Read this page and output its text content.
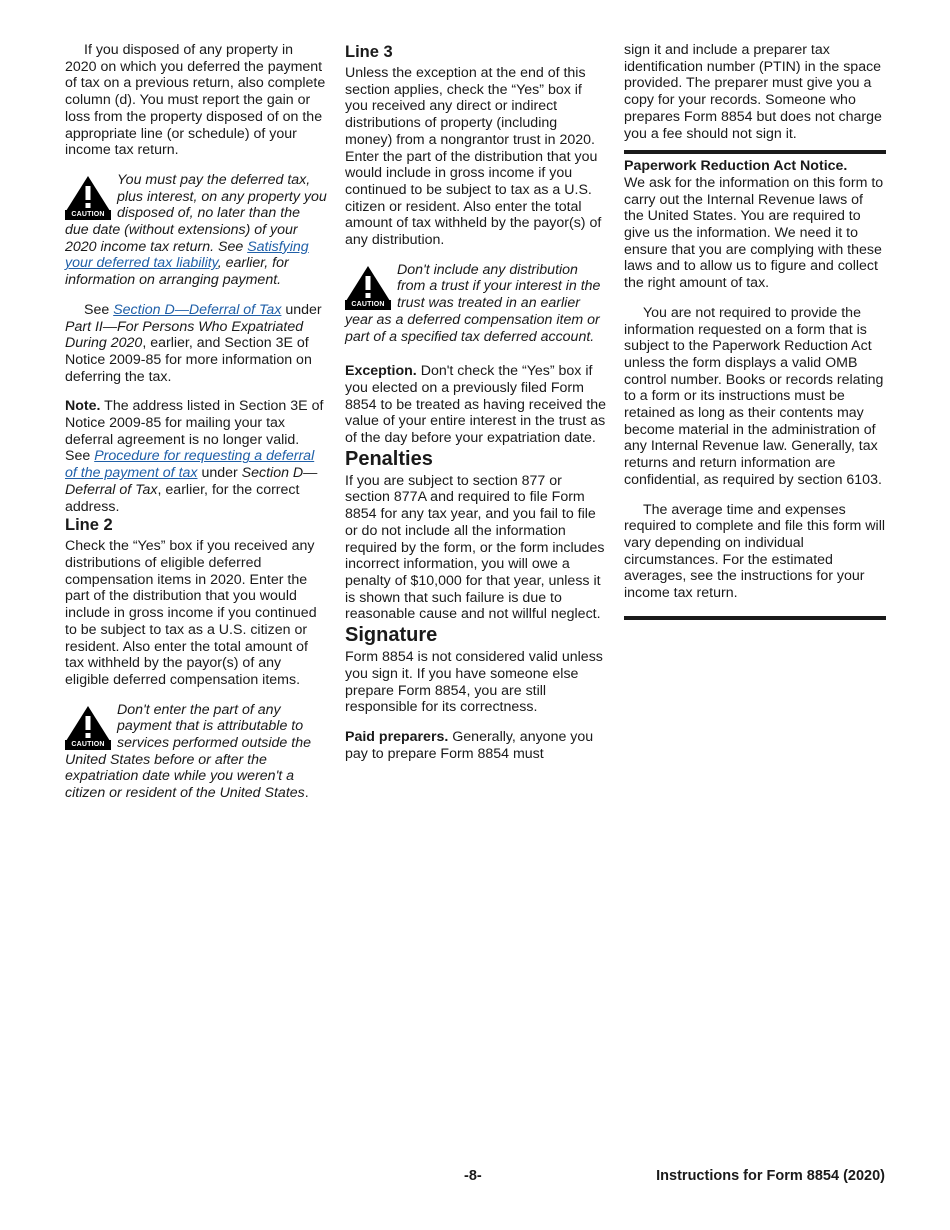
If you disposed of any property in 2020 on which you deferred the payment of tax on a previous return, also complete column (d). You must report the gain or loss from the property disposed of on the appropriate line (or schedule) of your income tax return.

CAUTION

You must pay the deferred tax, plus interest, on any property you disposed of, no later than the due date (without extensions) of your 2020 income tax return. See Satisfying your deferred tax liability, earlier, for information on arranging payment.

See Section D—Deferral of Tax under Part II—For Persons Who Expatriated During 2020, earlier, and Section 3E of Notice 2009-85 for more information on deferring the tax.

Note. The address listed in Section 3E of Notice 2009-85 for mailing your tax deferral agreement is no longer valid. See Procedure for requesting a deferral of the payment of tax under Section D—Deferral of Tax, earlier, for the correct address.

Line 2

Check the “Yes” box if you received any distributions of eligible deferred compensation items in 2020. Enter the part of the distribution that you would include in gross income if you continued to be subject to tax as a U.S. citizen or resident. Also enter the total amount of tax withheld by the payor(s) of any eligible deferred compensation items.

CAUTION

Don't enter the part of any payment that is attributable to services performed outside the United States before or after the expatriation date while you weren't a citizen or resident of the United States.

Line 3

Unless the exception at the end of this section applies, check the “Yes” box if you received any direct or indirect distributions of property (including money) from a nongrantor trust in 2020. Enter the part of the distribution that you would include in gross income if you continued to be subject to tax as a U.S. citizen or resident. Also enter the total amount of tax withheld by the payor(s) of any distribution.

CAUTION

Don't include any distribution from a trust if your interest in the trust was treated in an earlier year as a deferred compensation item or part of a specified tax deferred account.

Exception. Don't check the “Yes” box if you elected on a previously filed Form 8854 to be treated as having received the value of your entire interest in the trust as of the day before your expatriation date.

Penalties

If you are subject to section 877 or section 877A and required to file Form 8854 for any tax year, and you fail to file or do not include all the information required by the form, or the form includes incorrect information, you will owe a penalty of $10,000 for that year, unless it is shown that such failure is due to reasonable cause and not willful neglect.

Signature

Form 8854 is not considered valid unless you sign it. If you have someone else prepare Form 8854, you are still responsible for its correctness.

Paid preparers. Generally, anyone you pay to prepare Form 8854 must

sign it and include a preparer tax identification number (PTIN) in the space provided. The preparer must give you a copy for your records. Someone who prepares Form 8854 but does not charge you a fee should not sign it.

Paperwork Reduction Act Notice.

We ask for the information on this form to carry out the Internal Revenue laws of the United States. You are required to give us the information. We need it to ensure that you are complying with these laws and to allow us to figure and collect the right amount of tax.

You are not required to provide the information requested on a form that is subject to the Paperwork Reduction Act unless the form displays a valid OMB control number. Books or records relating to a form or its instructions must be retained as long as their contents may become material in the administration of any Internal Revenue law. Generally, tax returns and return information are confidential, as required by section 6103.

The average time and expenses required to complete and file this form will vary depending on individual circumstances. For the estimated averages, see the instructions for your income tax return.

-8-	Instructions for Form 8854 (2020)
